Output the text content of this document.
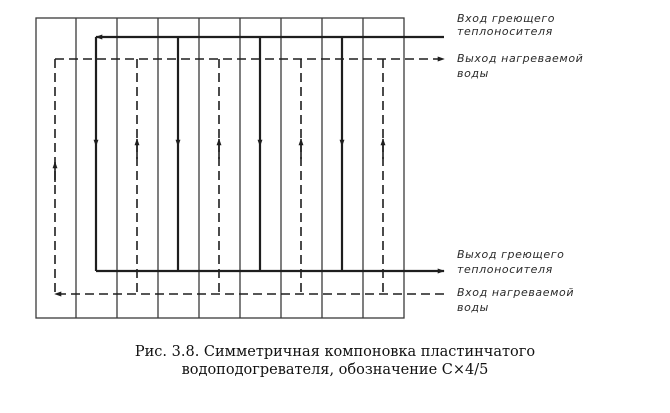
Вход греющего
теплоносителя
Выход нагреваемой
воды
Выход греющего
теплоносителя
Вход нагреваемой
воды
Рис. 3.8. Симметричная компоновка пластинчатого
водоподогревателя, обозначение C×4/5
